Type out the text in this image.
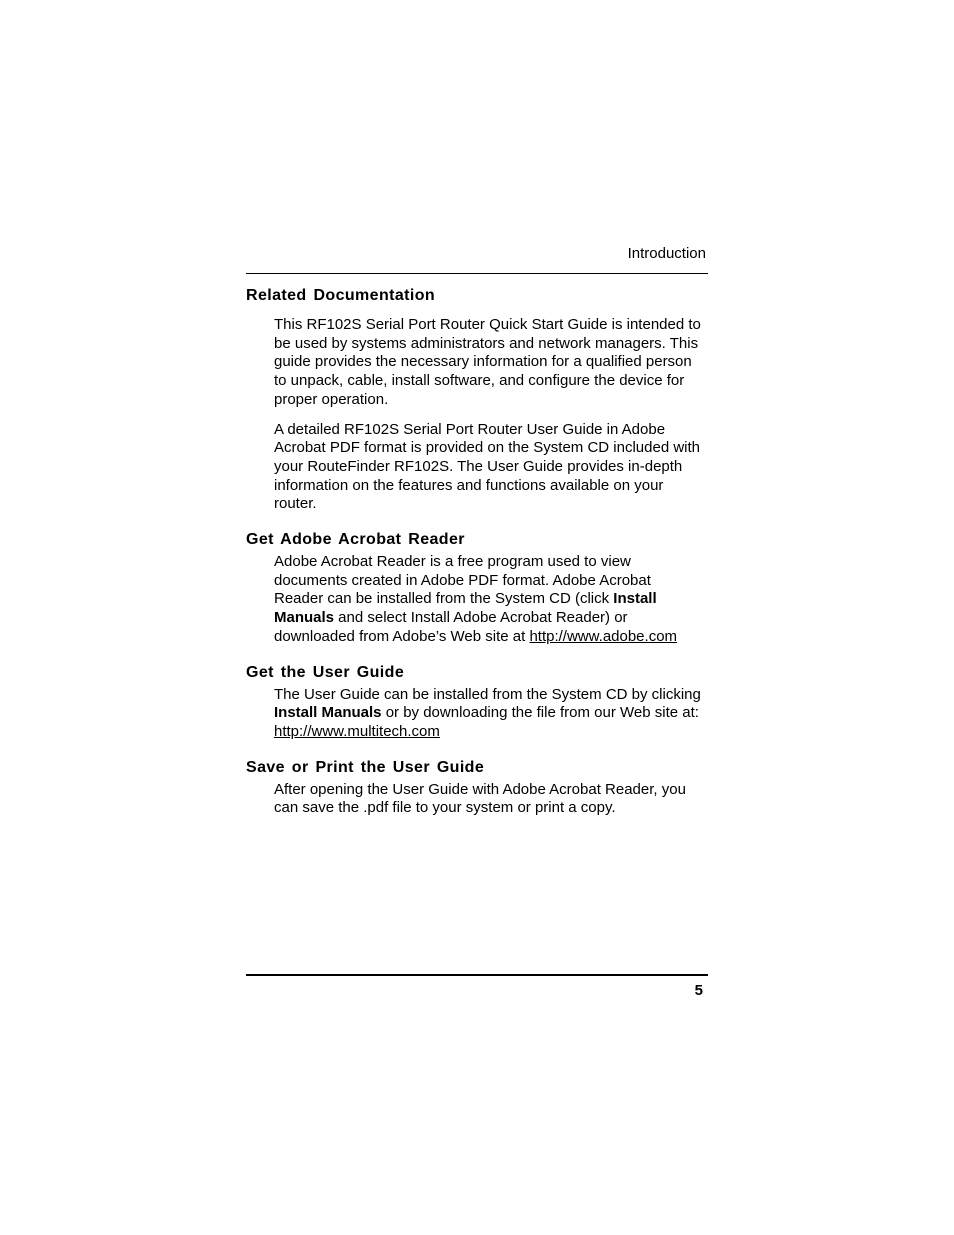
Introduction
Related Documentation

This RF102S Serial Port Router Quick Start Guide is intended to be used by systems administrators and network managers. This guide provides the necessary information for a qualified person to unpack, cable, install software, and configure the device for proper operation.

A detailed RF102S Serial Port Router User Guide in Adobe Acrobat PDF format is provided on the System CD included with your RouteFinder RF102S. The User Guide provides in-depth information on the features and functions available on your router.

Get Adobe Acrobat Reader

Adobe Acrobat Reader is a free program used to view documents created in Adobe PDF format. Adobe Acrobat Reader can be installed from the System CD (click Install Manuals and select Install Adobe Acrobat Reader) or downloaded from Adobe’s Web site at http://www.adobe.com

Get the User Guide

The User Guide can be installed from the System CD by clicking Install Manuals or by downloading the file from our Web site at: http://www.multitech.com

Save or Print the User Guide

After opening the User Guide with Adobe Acrobat Reader, you can save the .pdf file to your system or print a copy.

5
